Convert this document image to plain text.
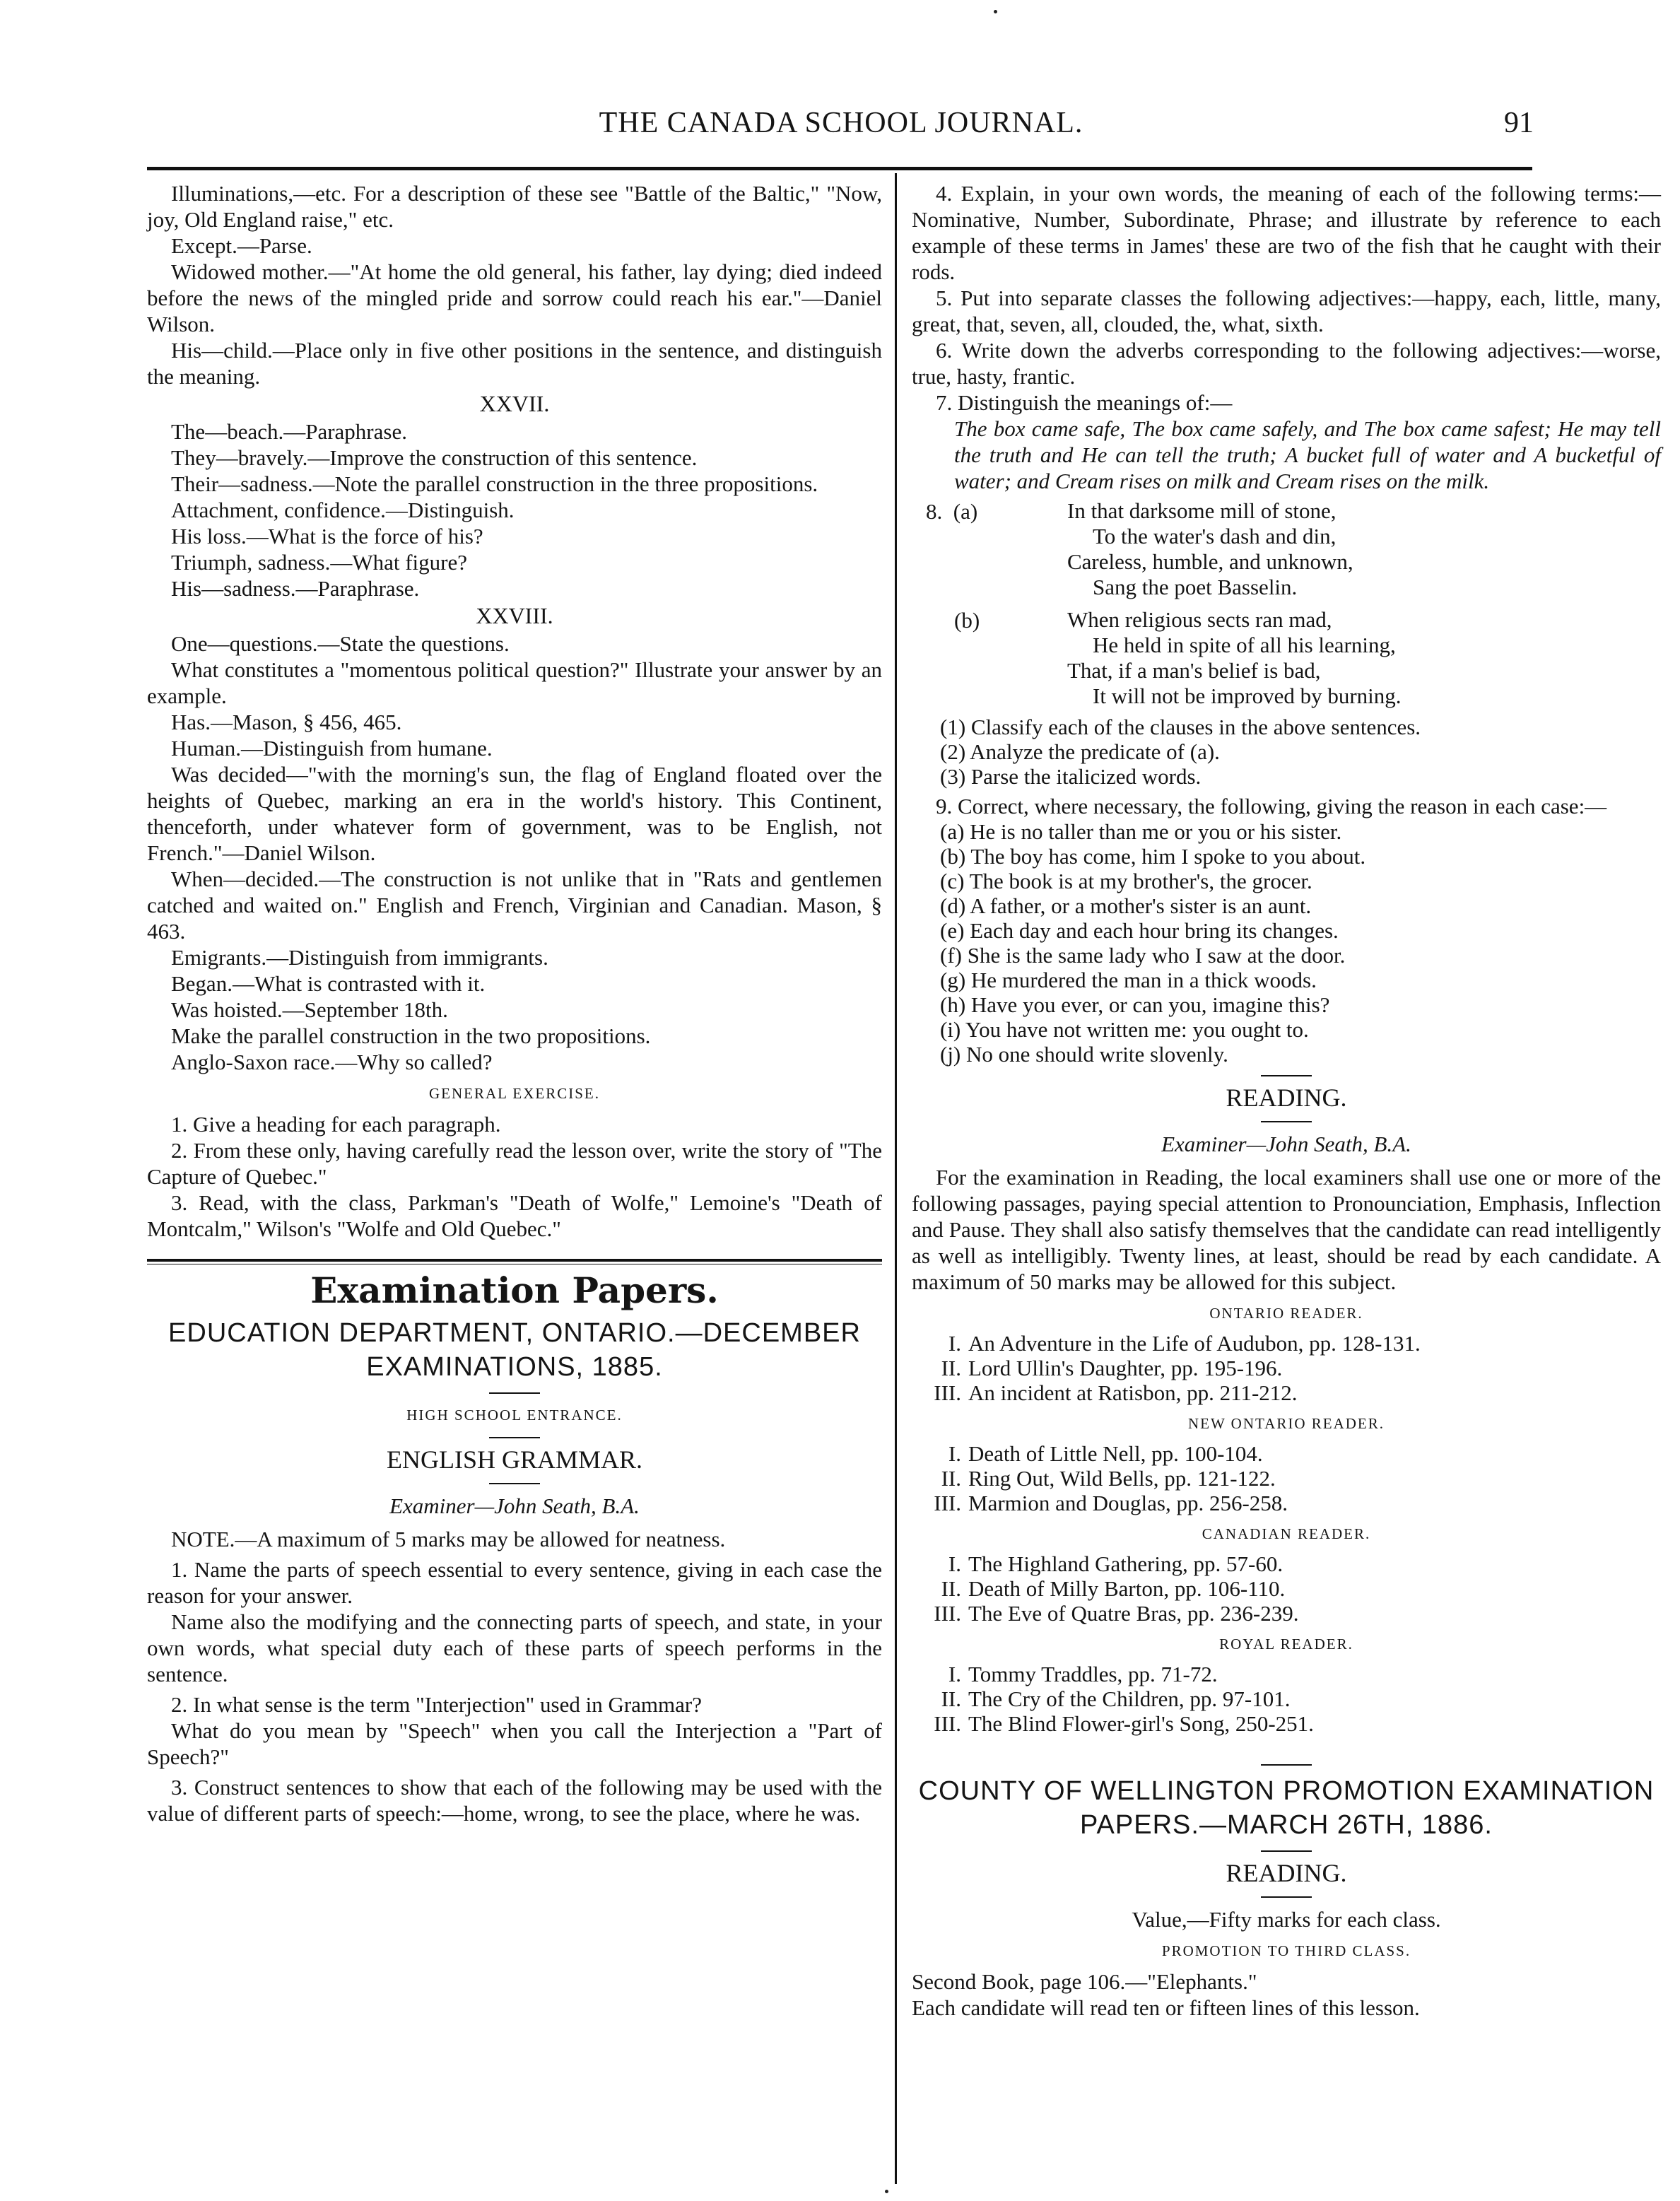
THE CANADA SCHOOL JOURNAL.	91

Illuminations,—etc. For a description of these see "Battle of the Baltic," "Now, joy, Old England raise," etc.

Except.—Parse.

Widowed mother.—"At home the old general, his father, lay dying; died indeed before the news of the mingled pride and sorrow could reach his ear."—Daniel Wilson.

His—child.—Place only in five other positions in the sentence, and distinguish the meaning.

XXVII.

The—beach.—Paraphrase.

They—bravely.—Improve the construction of this sentence.

Their—sadness.—Note the parallel construction in the three propositions.

Attachment, confidence.—Distinguish.

His loss.—What is the force of his?

Triumph, sadness.—What figure?

His—sadness.—Paraphrase.

XXVIII.

One—questions.—State the questions.

What constitutes a "momentous political question?" Illustrate your answer by an example.

Has.—Mason, § 456, 465.

Human.—Distinguish from humane.

Was decided—"with the morning's sun, the flag of England floated over the heights of Quebec, marking an era in the world's history. This Continent, thenceforth, under whatever form of government, was to be English, not French."—Daniel Wilson.

When—decided.—The construction is not unlike that in "Rats and gentlemen catched and waited on." English and French, Virginian and Canadian. Mason, § 463.

Emigrants.—Distinguish from immigrants.

Began.—What is contrasted with it.

Was hoisted.—September 18th.

Make the parallel construction in the two propositions.

Anglo-Saxon race.—Why so called?

GENERAL EXERCISE.

1. Give a heading for each paragraph.

2. From these only, having carefully read the lesson over, write the story of "The Capture of Quebec."

3. Read, with the class, Parkman's "Death of Wolfe," Lemoine's "Death of Montcalm," Wilson's "Wolfe and Old Quebec."

Examination Papers.
EDUCATION DEPARTMENT, ONTARIO.—DECEMBER EXAMINATIONS, 1885.
HIGH SCHOOL ENTRANCE.
ENGLISH GRAMMAR.
Examiner—John Seath, B.A.

NOTE.—A maximum of 5 marks may be allowed for neatness.

1. Name the parts of speech essential to every sentence, giving in each case the reason for your answer.

Name also the modifying and the connecting parts of speech, and state, in your own words, what special duty each of these parts of speech performs in the sentence.

2. In what sense is the term "Interjection" used in Grammar?

What do you mean by "Speech" when you call the Interjection a "Part of Speech?"

3. Construct sentences to show that each of the following may be used with the value of different parts of speech:—home, wrong, to see the place, where he was.

4. Explain, in your own words, the meaning of each of the following terms:—Nominative, Number, Subordinate, Phrase; and illustrate by reference to each example of these terms in James' these are two of the fish that he caught with their rods.

5. Put into separate classes the following adjectives:—happy, each, little, many, great, that, seven, all, clouded, the, what, sixth.

6. Write down the adverbs corresponding to the following adjectives:—worse, true, hasty, frantic.

7. Distinguish the meanings of:—

The box came safe, The box came safely, and The box came safest; He may tell the truth and He can tell the truth; A bucket full of water and A bucketful of water; and Cream rises on milk and Cream rises on the milk.

8. (a)	In that darksome mill of stone,
To the water's dash and din,
Careless, humble, and unknown,
Sang the poet Basselin.
(b)	When religious sects ran mad,
He held in spite of all his learning,
That, if a man's belief is bad,
It will not be improved by burning.
(1) Classify each of the clauses in the above sentences.
(2) Analyze the predicate of (a).
(3) Parse the italicized words.

9. Correct, where necessary, the following, giving the reason in each case:—

(a) He is no taller than me or you or his sister.
(b) The boy has come, him I spoke to you about.
(c) The book is at my brother's, the grocer.
(d) A father, or a mother's sister is an aunt.
(e) Each day and each hour bring its changes.
(f) She is the same lady who I saw at the door.
(g) He murdered the man in a thick woods.
(h) Have you ever, or can you, imagine this?
(i) You have not written me: you ought to.
(j) No one should write slovenly.
READING.
Examiner—John Seath, B.A.

For the examination in Reading, the local examiners shall use one or more of the following passages, paying special attention to Pronounciation, Emphasis, Inflection and Pause. They shall also satisfy themselves that the candidate can read intelligently as well as intelligibly. Twenty lines, at least, should be read by each candidate. A maximum of 50 marks may be allowed for this subject.

ONTARIO READER.
I. An Adventure in the Life of Audubon, pp. 128-131.
II. Lord Ullin's Daughter, pp. 195-196.
III. An incident at Ratisbon, pp. 211-212.
NEW ONTARIO READER.
I. Death of Little Nell, pp. 100-104.
II. Ring Out, Wild Bells, pp. 121-122.
III. Marmion and Douglas, pp. 256-258.
CANADIAN READER.
I. The Highland Gathering, pp. 57-60.
II. Death of Milly Barton, pp. 106-110.
III. The Eve of Quatre Bras, pp. 236-239.
ROYAL READER.
I. Tommy Traddles, pp. 71-72.
II. The Cry of the Children, pp. 97-101.
III. The Blind Flower-girl's Song, 250-251.
COUNTY OF WELLINGTON PROMOTION EXAMINATION PAPERS.—MARCH 26TH, 1886.
READING.
Value,—Fifty marks for each class.
PROMOTION TO THIRD CLASS.
Second Book, page 106.—"Elephants."
Each candidate will read ten or fifteen lines of this lesson.
